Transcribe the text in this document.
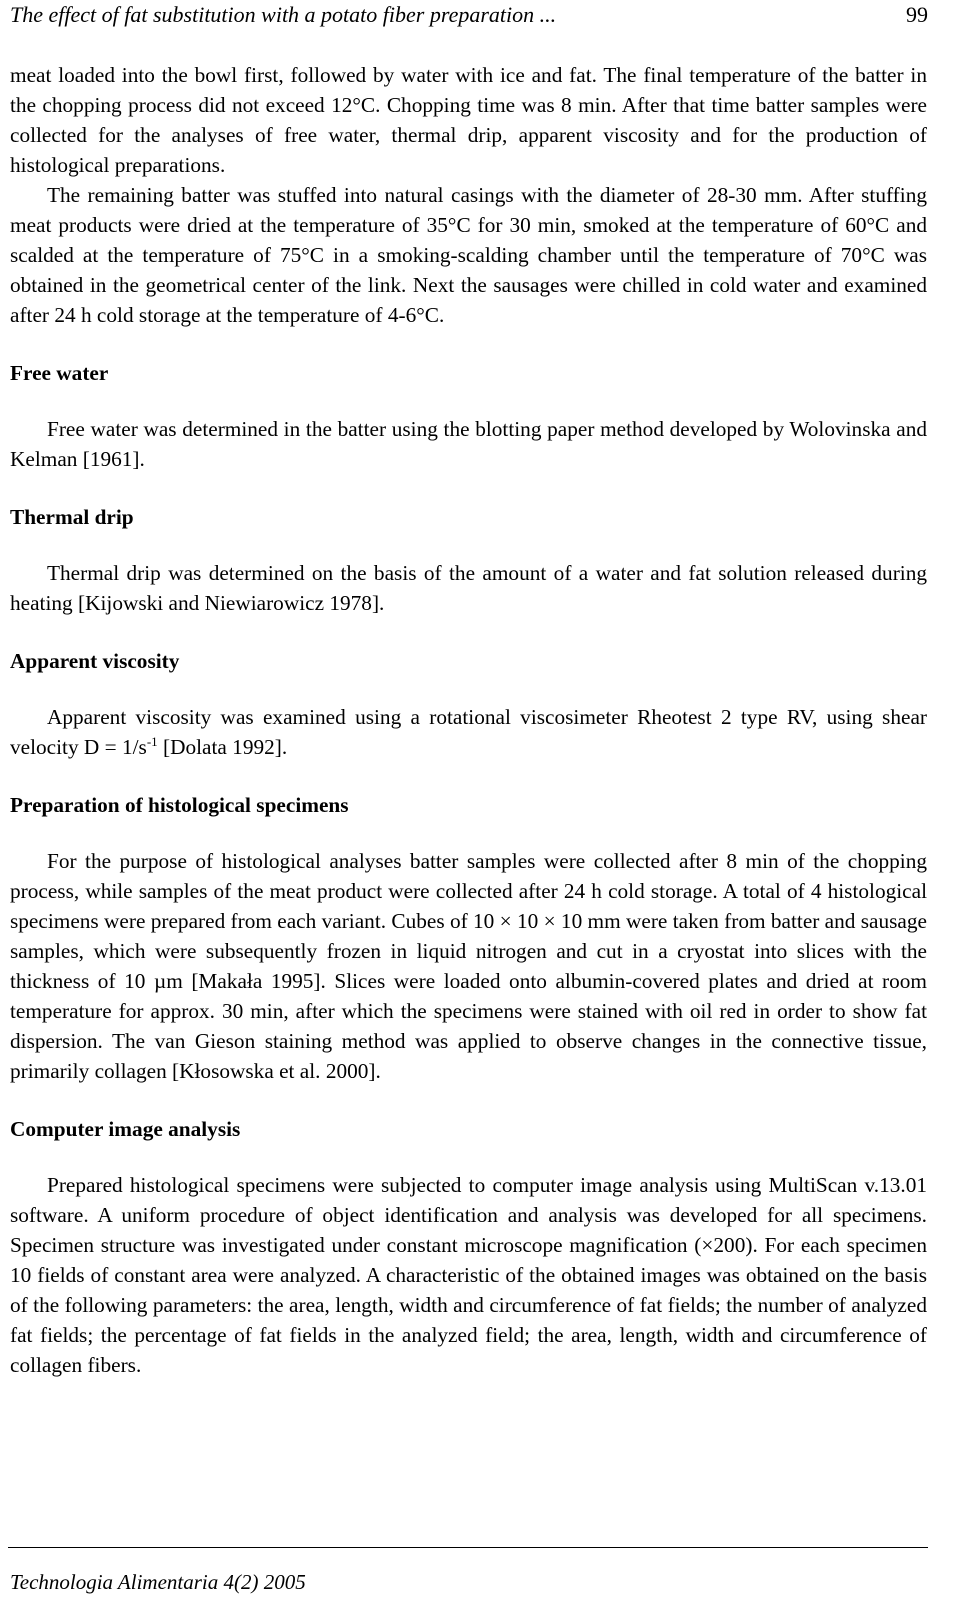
The effect of fat substitution with a potato fiber preparation ...	99

meat loaded into the bowl first, followed by water with ice and fat. The final temperature of the batter in the chopping process did not exceed 12°C. Chopping time was 8 min. After that time batter samples were collected for the analyses of free water, thermal drip, apparent viscosity and for the production of histological preparations.

The remaining batter was stuffed into natural casings with the diameter of 28-30 mm. After stuffing meat products were dried at the temperature of 35°C for 30 min, smoked at the temperature of 60°C and scalded at the temperature of 75°C in a smoking-scalding chamber until the temperature of 70°C was obtained in the geometrical center of the link. Next the sausages were chilled in cold water and examined after 24 h cold storage at the temperature of 4-6°C.

Free water

Free water was determined in the batter using the blotting paper method developed by Wolovinska and Kelman [1961].

Thermal drip

Thermal drip was determined on the basis of the amount of a water and fat solution released during heating [Kijowski and Niewiarowicz 1978].

Apparent viscosity

Apparent viscosity was examined using a rotational viscosimeter Rheotest 2 type RV, using shear velocity $D = 1/s^{-1}$ [Dolata 1992].

Preparation of histological specimens

For the purpose of histological analyses batter samples were collected after 8 min of the chopping process, while samples of the meat product were collected after 24 h cold storage. A total of 4 histological specimens were prepared from each variant. Cubes of 10 × 10 × 10 mm were taken from batter and sausage samples, which were subsequently frozen in liquid nitrogen and cut in a cryostat into slices with the thickness of 10 µm [Makała 1995]. Slices were loaded onto albumin-covered plates and dried at room temperature for approx. 30 min, after which the specimens were stained with oil red in order to show fat dispersion. The van Gieson staining method was applied to observe changes in the connective tissue, primarily collagen [Kłosowska et al. 2000].

Computer image analysis

Prepared histological specimens were subjected to computer image analysis using MultiScan v.13.01 software. A uniform procedure of object identification and analysis was developed for all specimens. Specimen structure was investigated under constant microscope magnification (×200). For each specimen 10 fields of constant area were analyzed. A characteristic of the obtained images was obtained on the basis of the following parameters: the area, length, width and circumference of fat fields; the number of analyzed fat fields; the percentage of fat fields in the analyzed field; the area, length, width and circumference of collagen fibers.

Technologia Alimentaria 4(2) 2005
